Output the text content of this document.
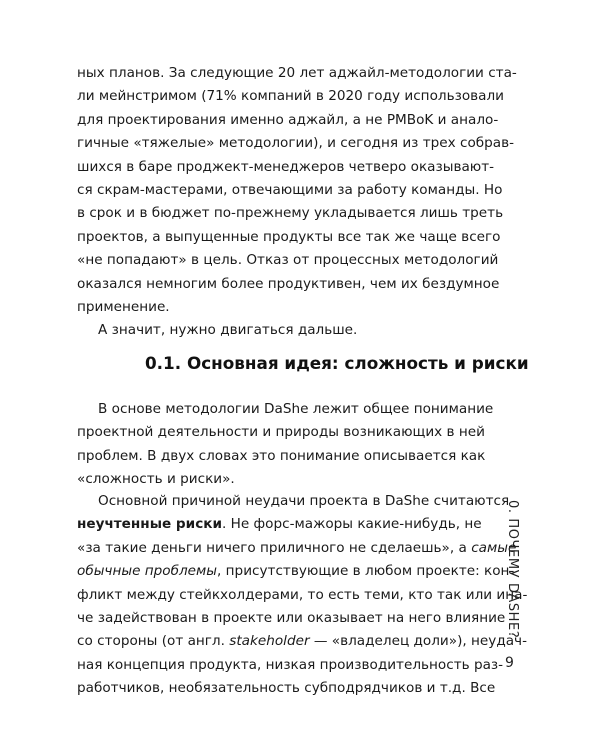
ных планов. За следующие 20 лет аджайл-методологии ста-
ли мейнстримом (71% компаний в 2020 году использовали
для проектирования именно аджайл, а не PMBoK и анало-
гичные «тяжелые» методологии), и сегодня из трех собрав-
шихся в баре проджект-менеджеров четверо оказывают-
ся скрам-мастерами, отвечающими за работу команды. Но
в срок и в бюджет по-прежнему укладывается лишь треть
проектов, а выпущенные продукты все так же чаще всего
«не попадают» в цель. Отказ от процессных методологий
оказался немногим более продуктивен, чем их бездумное
применение.
А значит, нужно двигаться дальше.
0.1. Основная идея: сложность и риски
В основе методологии DaShe лежит общее понимание
проектной деятельности и природы возникающих в ней
проблем. В двух словах это понимание описывается как
«сложность и риски».
Основной причиной неудачи проекта в DaShe считаются
неучтенные риски. Не форс-мажоры какие-нибудь, не
«за такие деньги ничего приличного не сделаешь», а самые
обычные проблемы, присутствующие в любом проекте: кон-
фликт между стейкхолдерами, то есть теми, кто так или ина-
че задействован в проекте или оказывает на него влияние
со стороны (от англ. stakeholder — «владелец доли»), неудач-
ная концепция продукта, низкая производительность раз-
работчиков, необязательность субподрядчиков и т.д. Все
0. ПОЧЕМУ DASHE?
9
